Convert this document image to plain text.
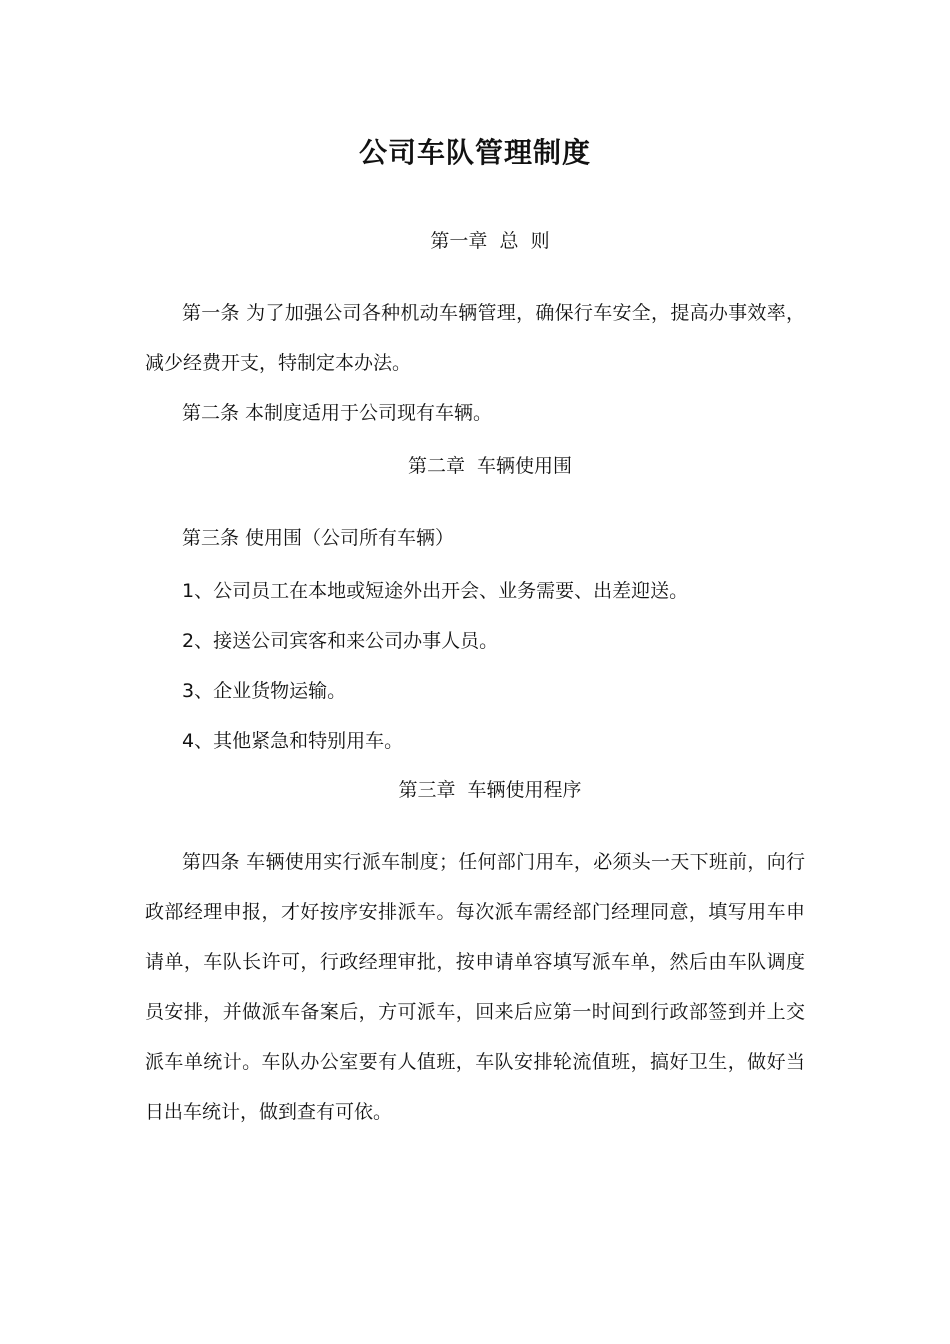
公司车队管理制度
第一章  总  则
第一条 为了加强公司各种机动车辆管理，确保行车安全，提高办事效率，减少经费开支，特制定本办法。
第二条 本制度适用于公司现有车辆。
第二章  车辆使用围
第三条 使用围（公司所有车辆）
1、公司员工在本地或短途外出开会、业务需要、出差迎送。
2、接送公司宾客和来公司办事人员。
3、企业货物运输。
4、其他紧急和特别用车。
第三章  车辆使用程序
第四条 车辆使用实行派车制度；任何部门用车，必须头一天下班前，向行政部经理申报，才好按序安排派车。每次派车需经部门经理同意，填写用车申请单，车队长许可，行政经理审批，按申请单容填写派车单，然后由车队调度员安排，并做派车备案后，方可派车，回来后应第一时间到行政部签到并上交派车单统计。车队办公室要有人值班，车队安排轮流值班，搞好卫生，做好当日出车统计，做到查有可依。
